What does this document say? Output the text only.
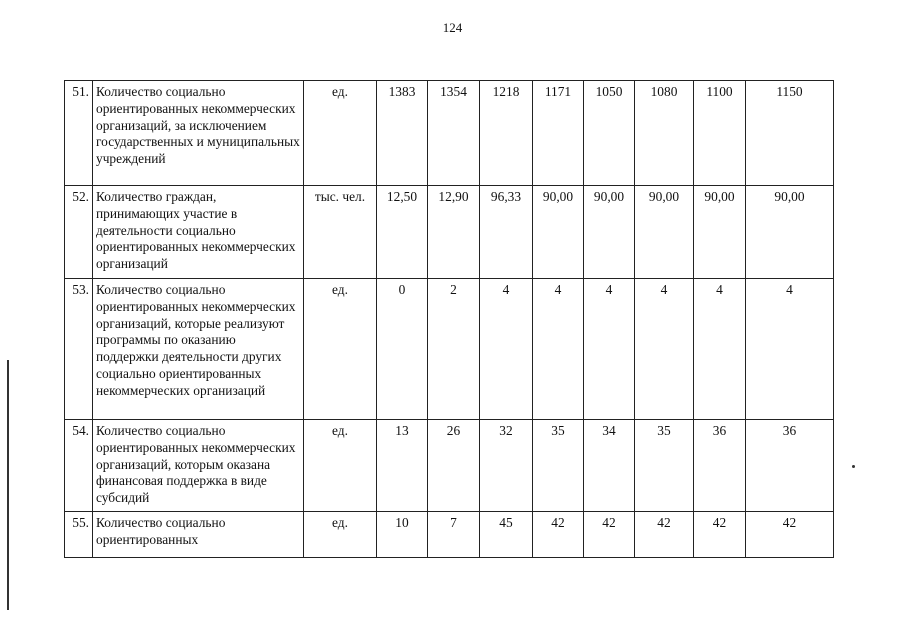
124
51.	Количество социально ориентированных некоммерческих организаций, за исключением государственных и муниципальных учреждений	ед.	1383	1354	1218	1171	1050	1080	1100	1150
52.	Количество граждан, принимающих участие в деятельности социально ориентированных некоммерческих организаций	тыс. чел.	12,50	12,90	96,33	90,00	90,00	90,00	90,00	90,00
53.	Количество социально ориентированных некоммерческих организаций, которые реализуют программы по оказанию поддержки деятельности других социально ориентированных некоммерческих организаций	ед.	0	2	4	4	4	4	4	4
54.	Количество социально ориентированных некоммерческих организаций, которым оказана финансовая поддержка в виде субсидий	ед.	13	26	32	35	34	35	36	36
55.	Количество социально ориентированных	ед.	10	7	45	42	42	42	42	42
